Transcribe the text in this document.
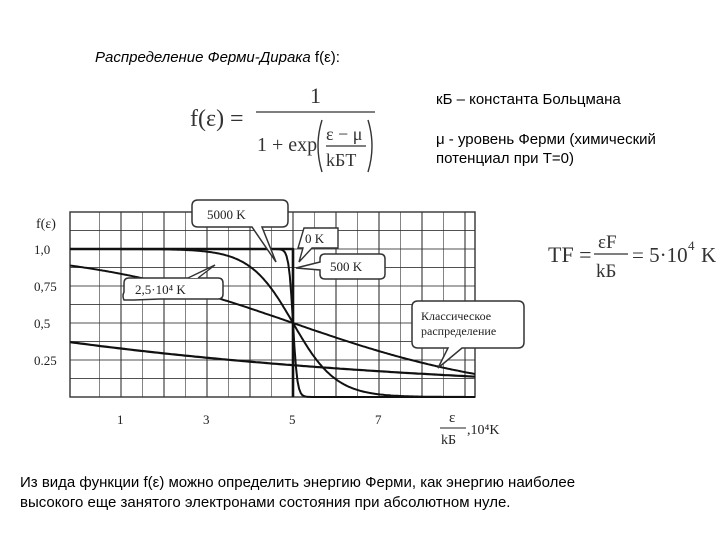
Распределение Ферми-Дирака f(ε):
кБ – константа Больцмана
μ - уровень Ферми (химический
потенциал при T=0)
Из вида функции f(ε) можно определить энергию Ферми, как энергию наиболее
высокого еще занятого электронами состояния при абсолютном нуле.
f(ε) =
1
1 + exp ε − μ
kБT
TF = εF
kБ
= 5·10 4 K
1	3	5	7
1,0
0,75
0,5
0.25
f(ε)
ε
kБ
,10⁴K
5000 K
0 K
500 K
2,5·10⁴ K
Классическое
распределение
